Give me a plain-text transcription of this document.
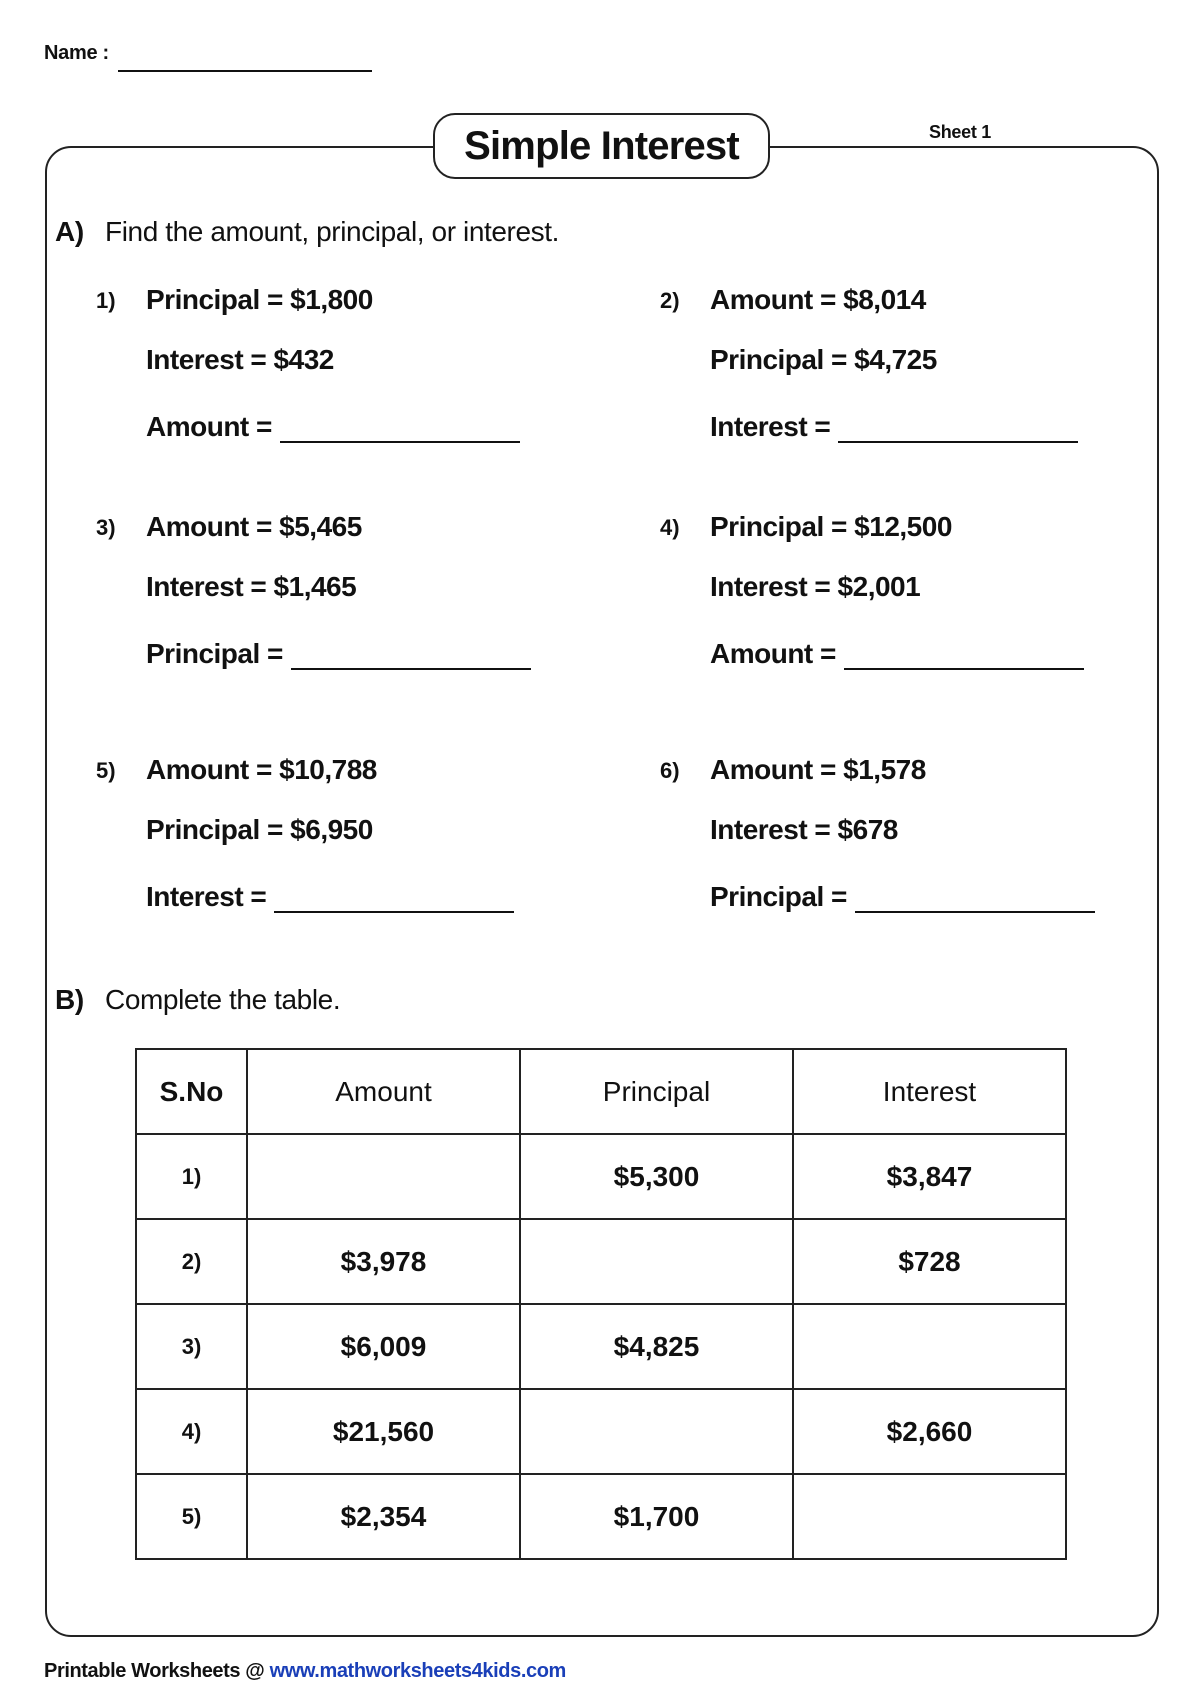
Name :
Simple Interest	Sheet 1
A) Find the amount, principal, or interest.
1) Principal = $1,800
Interest = $432
Amount =
2) Amount = $8,014
Principal = $4,725
Interest =
3) Amount = $5,465
Interest = $1,465
Principal =
4) Principal = $12,500
Interest = $2,001
Amount =
5) Amount = $10,788
Principal = $6,950
Interest =
6) Amount = $1,578
Interest = $678
Principal =
B) Complete the table.
S.No	Amount	Principal	Interest
1)		$5,300	$3,847
2)	$3,978		$728
3)	$6,009	$4,825	
4)	$21,560		$2,660
5)	$2,354	$1,700	
Printable Worksheets @ www.mathworksheets4kids.com
